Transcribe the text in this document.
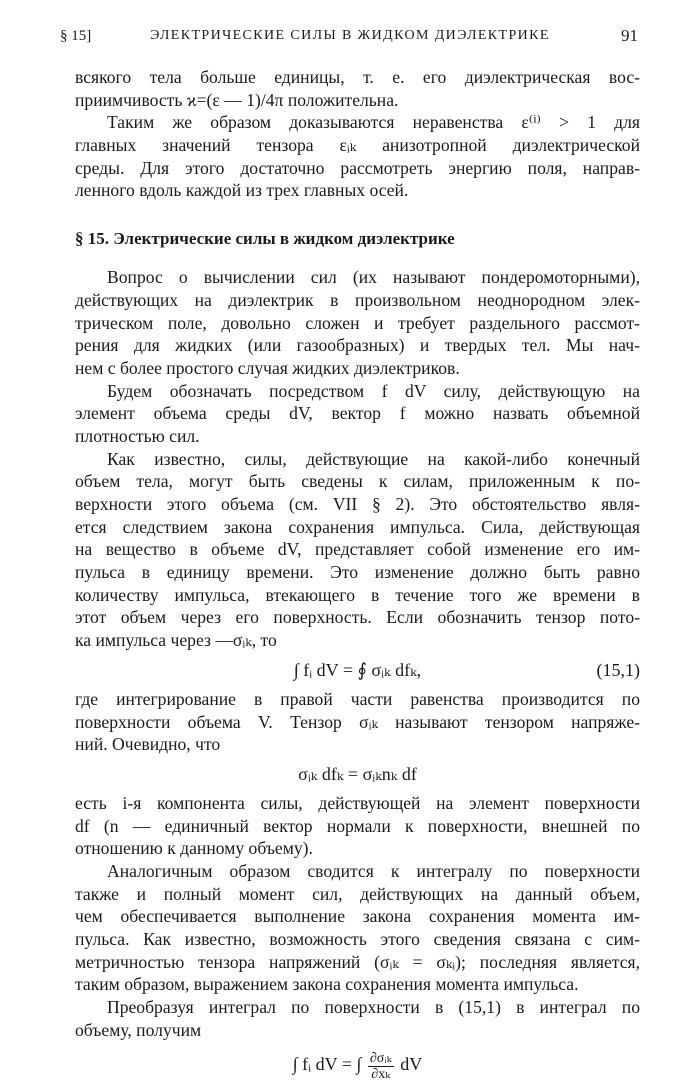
§ 15]	ЭЛЕКТРИЧЕСКИЕ СИЛЫ В ЖИДКОМ ДИЭЛЕКТРИКЕ	91
всякого тела больше единицы, т. е. его диэлектрическая вос-
приимчивость ϰ=(ε — 1)/4π положительна.
Таким же образом доказываются неравенства ε⁽ⁱ⁾ > 1 для
главных значений тензора εᵢₖ анизотропной диэлектрической
среды. Для этого достаточно рассмотреть энергию поля, направ-
ленного вдоль каждой из трех главных осей.
§ 15. Электрические силы в жидком диэлектрике
Вопрос о вычислении сил (их называют пондеромоторными),
действующих на диэлектрик в произвольном неоднородном элек-
трическом поле, довольно сложен и требует раздельного рассмот-
рения для жидких (или газообразных) и твердых тел. Мы нач-
нем с более простого случая жидких диэлектриков.
Будем обозначать посредством f dV силу, действующую на
элемент объема среды dV, вектор f можно назвать объемной
плотностью сил.
Как известно, силы, действующие на какой-либо конечный
объем тела, могут быть сведены к силам, приложенным к по-
верхности этого объема (см. VII § 2). Это обстоятельство явля-
ется следствием закона сохранения импульса. Сила, действующая
на вещество в объеме dV, представляет собой изменение его им-
пульса в единицу времени. Это изменение должно быть равно
количеству импульса, втекающего в течение того же времени в
этот объем через его поверхность. Если обозначить тензор пото-
ка импульса через —σᵢₖ, то
∫ fᵢ dV = ∮ σᵢₖ dfₖ,	(15,1)
где интегрирование в правой части равенства производится по
поверхности объема V. Тензор σᵢₖ называют тензором напряже-
ний. Очевидно, что
σᵢₖ dfₖ = σᵢₖnₖ df
есть i-я компонента силы, действующей на элемент поверхности
df (n — единичный вектор нормали к поверхности, внешней по
отношению к данному объему).
Аналогичным образом сводится к интегралу по поверхности
также и полный момент сил, действующих на данный объем,
чем обеспечивается выполнение закона сохранения момента им-
пульса. Как известно, возможность этого сведения связана с сим-
метричностью тензора напряжений (σᵢₖ = σₖᵢ); последняя является,
таким образом, выражением закона сохранения момента импульса.
Преобразуя интеграл по поверхности в (15,1) в интеграл по
объему, получим
∫ fᵢ dV = ∫ $\frac{\text{∂σᵢₖ}}{\text{∂xₖ}}$ dV
